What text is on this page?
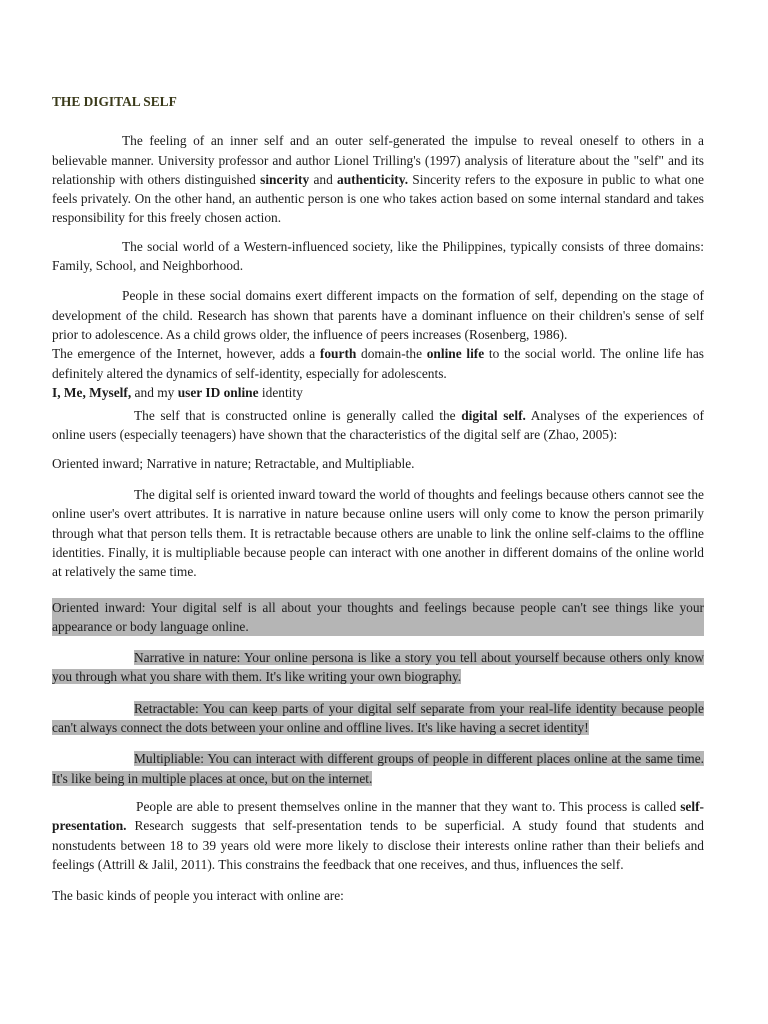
THE DIGITAL SELF

The feeling of an inner self and an outer self-generated the impulse to reveal oneself to others in a believable manner. University professor and author Lionel Trilling's (1997) analysis of literature about the "self" and its relationship with others distinguished sincerity and authenticity. Sincerity refers to the exposure in public to what one feels privately. On the other hand, an authentic person is one who takes action based on some internal standard and takes responsibility for this freely chosen action.

The social world of a Western-influenced society, like the Philippines, typically consists of three domains: Family, School, and Neighborhood.

People in these social domains exert different impacts on the formation of self, depending on the stage of development of the child. Research has shown that parents have a dominant influence on their children's sense of self prior to adolescence. As a child grows older, the influence of peers increases (Rosenberg, 1986).

The emergence of the Internet, however, adds a fourth domain-the online life to the social world. The online life has definitely altered the dynamics of self-identity, especially for adolescents.

I, Me, Myself, and my user ID online identity

The self that is constructed online is generally called the digital self. Analyses of the experiences of online users (especially teenagers) have shown that the characteristics of the digital self are (Zhao, 2005):

Oriented inward; Narrative in nature; Retractable, and Multipliable.

The digital self is oriented inward toward the world of thoughts and feelings because others cannot see the online user's overt attributes. It is narrative in nature because online users will only come to know the person primarily through what that person tells them. It is retractable because others are unable to link the online self-claims to the offline identities. Finally, it is multipliable because people can interact with one another in different domains of the online world at relatively the same time.

Oriented inward: Your digital self is all about your thoughts and feelings because people can't see things like your appearance or body language online.

Narrative in nature: Your online persona is like a story you tell about yourself because others only know you through what you share with them. It's like writing your own biography.

Retractable: You can keep parts of your digital self separate from your real-life identity because people can't always connect the dots between your online and offline lives. It's like having a secret identity!

Multipliable: You can interact with different groups of people in different places online at the same time. It's like being in multiple places at once, but on the internet.

People are able to present themselves online in the manner that they want to. This process is called self-presentation. Research suggests that self-presentation tends to be superficial. A study found that students and nonstudents between 18 to 39 years old were more likely to disclose their interests online rather than their beliefs and feelings (Attrill & Jalil, 2011). This constrains the feedback that one receives, and thus, influences the self.

The basic kinds of people you interact with online are:
